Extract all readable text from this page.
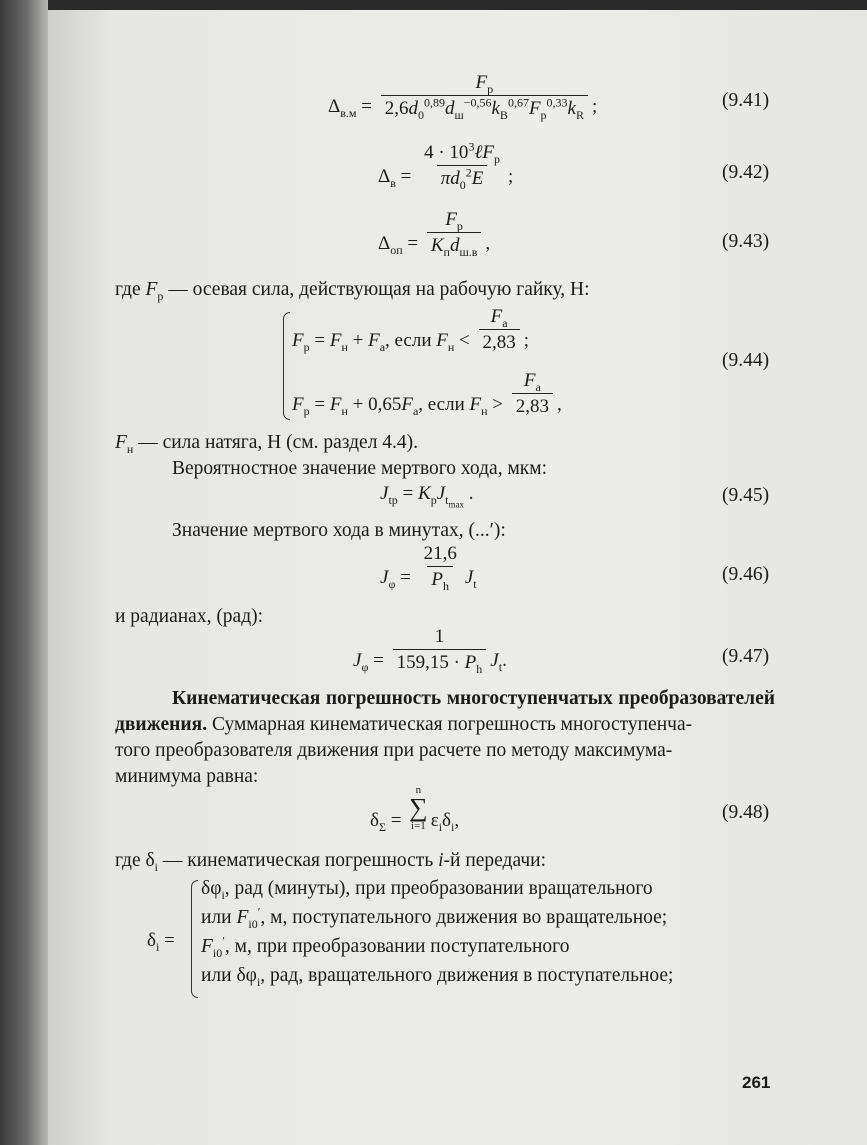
$\Delta_{в.м} = \frac{F_p}{2,6d_0^{0,89}d_ш^{-0,56}k_В^{0,67}F_p^{0,33}k_R}$ ;	(9.41)
$\Delta_в = \frac{4 \cdot 10^3\ell F_p}{\pi d_0^2E}$ ;	(9.42)
$\Delta_{оп} = \frac{F_p}{K_пd_{ш.в}}$ ,	(9.43)
где $F_p$ — осевая сила, действующая на рабочую гайку, Н:
$F_p = F_н + F_a$, если $F_н < \frac{F_a}{2,83}$ ;
$F_p = F_н + 0,65F_a$, если $F_н > \frac{F_a}{2,83}$ ,
(9.44)
$F_н$ — сила натяга, Н (см. раздел 4.4).
Вероятностное значение мертвого хода, мкм:
$J_{tp} = K_pJ_{t_{max}}$ .	(9.45)
Значение мертвого хода в минутах, (...′):
$J_\varphi = \frac{21,6}{P_h} J_t$	(9.46)
и радианах, (рад):
$J_\varphi = \frac{1}{159,15 \cdot P_h} J_t$.	(9.47)
Кинематическая погрешность многоступенчатых преобразователей движения. Суммарная кинематическая погрешность многоступенча-
того преобразователя движения при расчете по методу максимума-
минимума равна:
$\delta_\Sigma$ =
n
∑
i=1 $\varepsilon_i\delta_i$,	(9.48)
где $\delta_i$ — кинематическая погрешность i-й передачи:
$\delta_i$ =
$\delta\varphi_i$, рад (минуты), при преобразовании вращательного
или $F_{i0}'$, м, поступательного движения во вращательное;
$F_{i0}'$, м, при преобразовании поступательного
или $\delta\varphi_i$, рад, вращательного движения в поступательное;
261
